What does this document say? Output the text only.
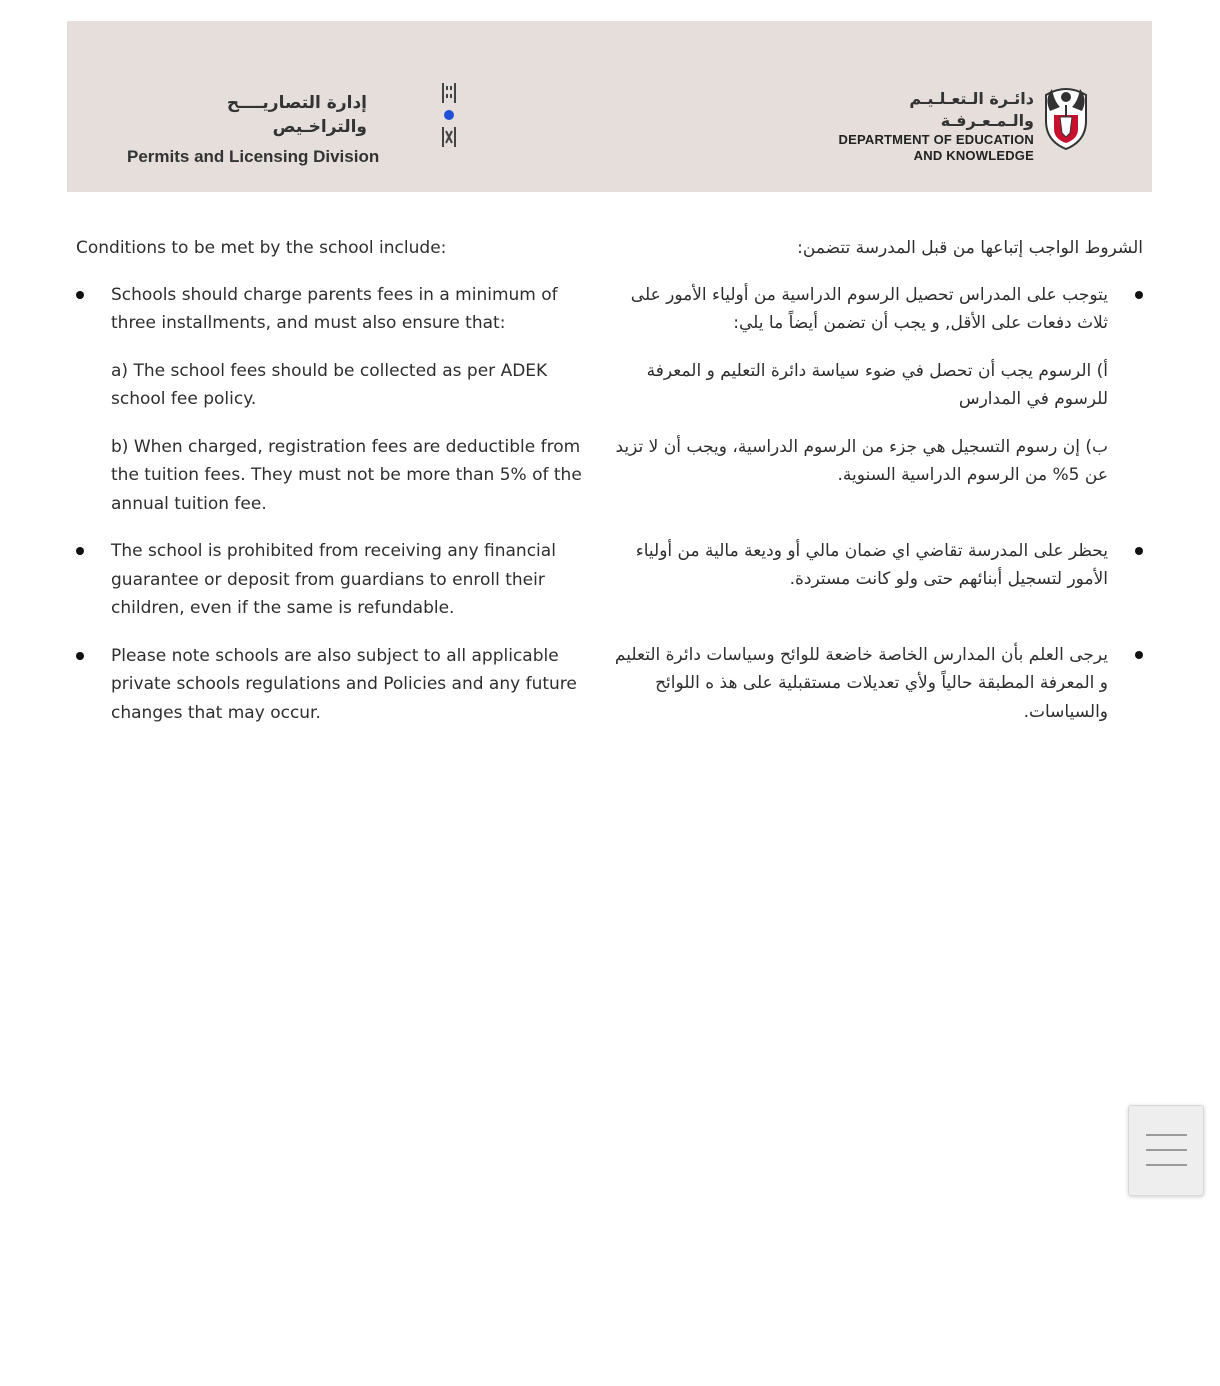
إدارة التصاريــــح والتراخـيص
Permits and Licensing Division
دائـرة الـتعـلـيـم والـمـعـرفـة
DEPARTMENT OF EDUCATION
AND KNOWLEDGE

Conditions to be met by the school include:

Schools should charge parents fees in a minimum of three installments, and must also ensure that:
a) The school fees should be collected as per ADEK school fee policy.
b) When charged, registration fees are deductible from the tuition fees. They must not be more than 5% of the annual tuition fee.
The school is prohibited from receiving any financial guarantee or deposit from guardians to enroll their children, even if the same is refundable.
Please note schools are also subject to all applicable private schools regulations and Policies and any future changes that may occur.

الشروط الواجب إتباعها من قبل المدرسة تتضمن:

يتوجب على المدراس تحصيل الرسوم الدراسية من أولياء الأمور على ثلاث دفعات على الأقل, و يجب أن تضمن أيضاً ما يلي:
أ) الرسوم يجب أن تحصل في ضوء سياسة دائرة التعليم و المعرفة للرسوم في المدارس
ب) إن رسوم التسجيل هي جزء من الرسوم الدراسية، ويجب أن لا تزيد عن 5% من الرسوم الدراسية السنوية.
يحظر على المدرسة تقاضي اي ضمان مالي أو وديعة مالية من أولياء الأمور لتسجيل أبنائهم حتى ولو كانت مستردة.
يرجى العلم بأن المدارس الخاصة خاضعة للوائح وسياسات دائرة التعليم و المعرفة المطبقة حالياً ولأي تعديلات مستقبلية على هذ ه اللوائح والسياسات.
